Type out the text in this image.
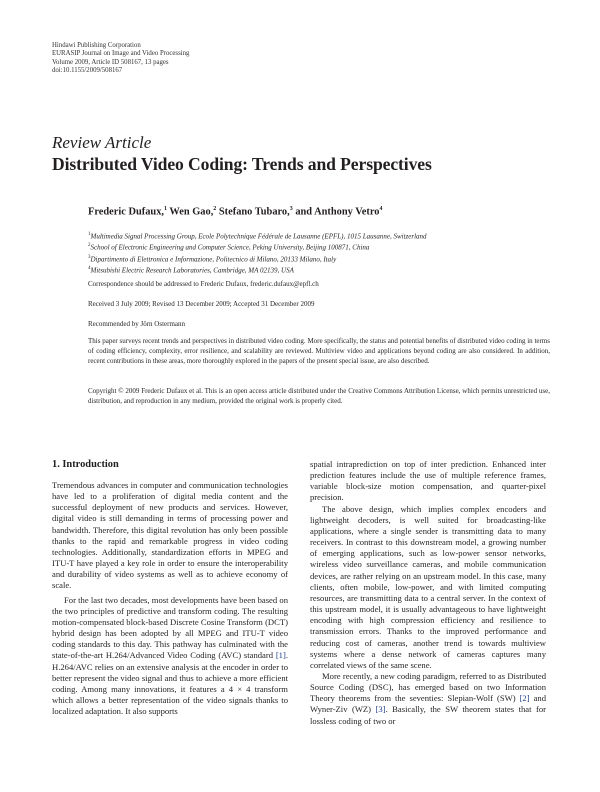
Hindawi Publishing Corporation
EURASIP Journal on Image and Video Processing
Volume 2009, Article ID 508167, 13 pages
doi:10.1155/2009/508167
Review Article
Distributed Video Coding: Trends and Perspectives
Frederic Dufaux,$^1$ Wen Gao,$^2$ Stefano Tubaro,$^3$ and Anthony Vetro$^4$
$^1$Multimedia Signal Processing Group, Ecole Polytechnique Fédérale de Lausanne (EPFL), 1015 Lausanne, Switzerland
$^2$School of Electronic Engineering and Computer Science, Peking University, Beijing 100871, China
$^3$Dipartimento di Elettronica e Informazione, Politecnico di Milano, 20133 Milano, Italy
$^4$Mitsubishi Electric Research Laboratories, Cambridge, MA 02139, USA
Correspondence should be addressed to Frederic Dufaux, frederic.dufaux@epfl.ch
Received 3 July 2009; Revised 13 December 2009; Accepted 31 December 2009
Recommended by Jörn Ostermann
This paper surveys recent trends and perspectives in distributed video coding. More specifically, the status and potential benefits of distributed video coding in terms of coding efficiency, complexity, error resilience, and scalability are reviewed. Multiview video and applications beyond coding are also considered. In addition, recent contributions in these areas, more thoroughly explored in the papers of the present special issue, are also described.
Copyright © 2009 Frederic Dufaux et al. This is an open access article distributed under the Creative Commons Attribution License, which permits unrestricted use, distribution, and reproduction in any medium, provided the original work is properly cited.
1. Introduction

Tremendous advances in computer and communication technologies have led to a proliferation of digital media content and the successful deployment of new products and services. However, digital video is still demanding in terms of processing power and bandwidth. Therefore, this digital revolution has only been possible thanks to the rapid and remarkable progress in video coding technologies. Additionally, standardization efforts in MPEG and ITU-T have played a key role in order to ensure the interoperability and durability of video systems as well as to achieve economy of scale.

For the last two decades, most developments have been based on the two principles of predictive and transform coding. The resulting motion-compensated block-based Discrete Cosine Transform (DCT) hybrid design has been adopted by all MPEG and ITU-T video coding standards to this day. This pathway has culminated with the state-of-the-art H.264/Advanced Video Coding (AVC) standard [1]. H.264/AVC relies on an extensive analysis at the encoder in order to better represent the video signal and thus to achieve a more efficient coding. Among many innovations, it features a 4 × 4 transform which allows a better representation of the video signals thanks to localized adaptation. It also supports

spatial intraprediction on top of inter prediction. Enhanced inter prediction features include the use of multiple reference frames, variable block-size motion compensation, and quarter-pixel precision.

The above design, which implies complex encoders and lightweight decoders, is well suited for broadcasting-like applications, where a single sender is transmitting data to many receivers. In contrast to this downstream model, a growing number of emerging applications, such as low-power sensor networks, wireless video surveillance cameras, and mobile communication devices, are rather relying on an upstream model. In this case, many clients, often mobile, low-power, and with limited computing resources, are transmitting data to a central server. In the context of this upstream model, it is usually advantageous to have lightweight encoding with high compression efficiency and resilience to transmission errors. Thanks to the improved performance and reducing cost of cameras, another trend is towards multiview systems where a dense network of cameras captures many correlated views of the same scene.

More recently, a new coding paradigm, referred to as Distributed Source Coding (DSC), has emerged based on two Information Theory theorems from the seventies: Slepian-Wolf (SW) [2] and Wyner-Ziv (WZ) [3]. Basically, the SW theorem states that for lossless coding of two or
